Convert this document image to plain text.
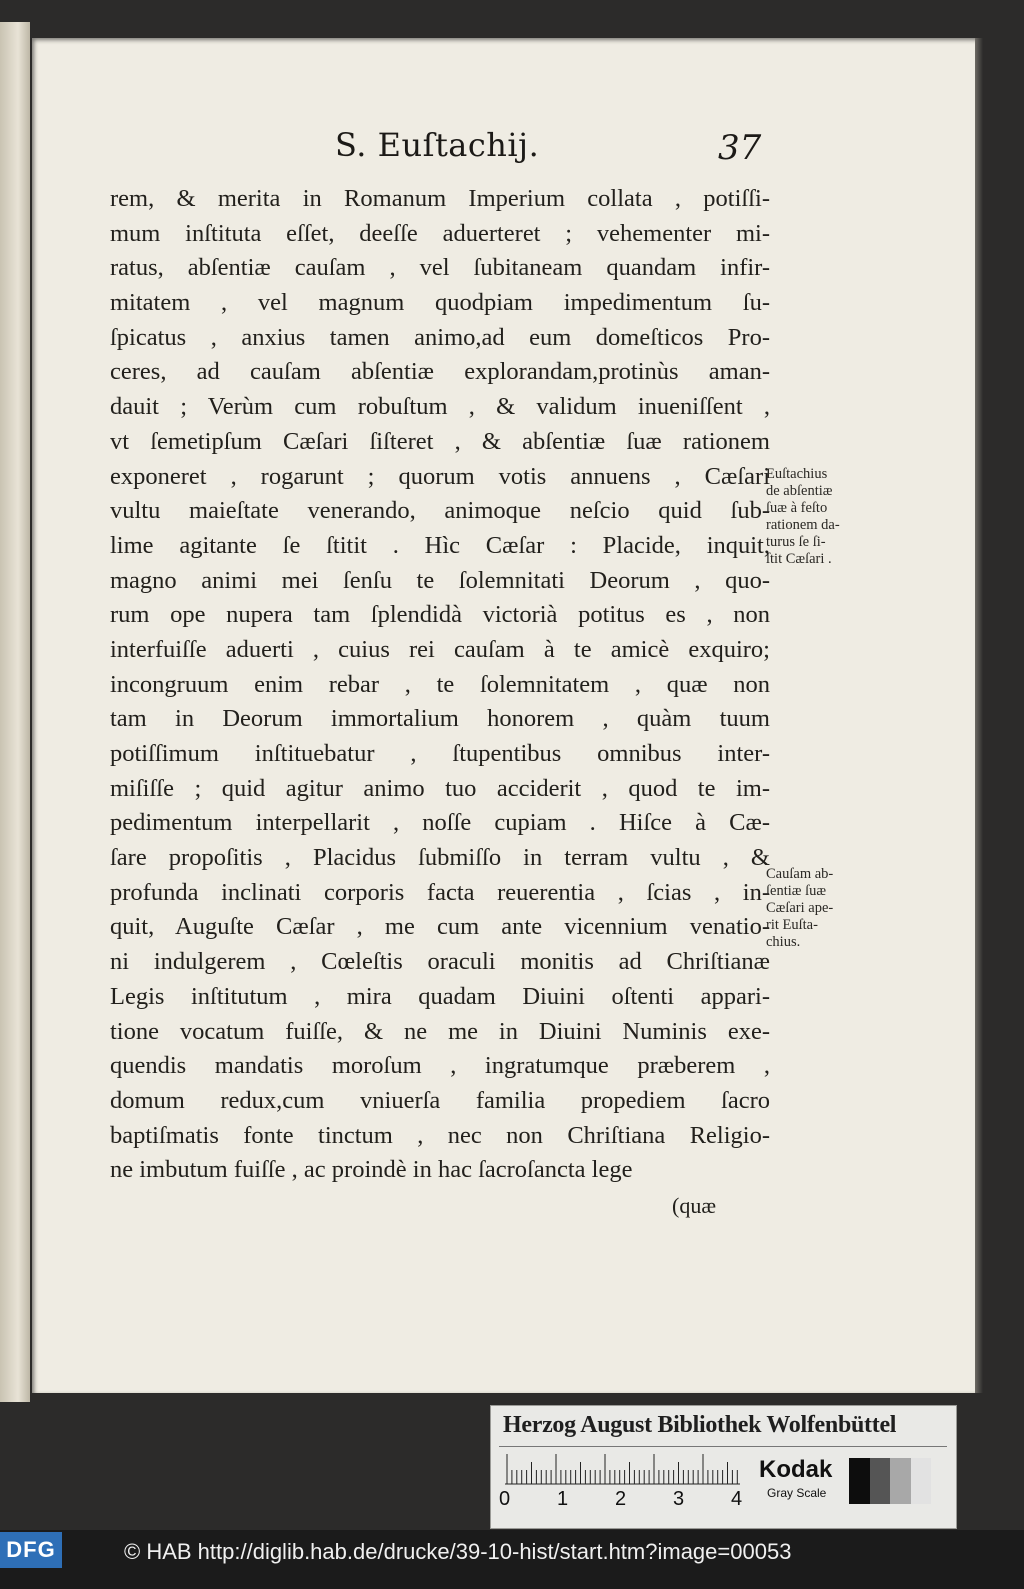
S. Euſtachij.	37
rem, & merita in Romanum Imperium collata , potiſſi-
mum inſtituta eſſet, deeſſe aduerteret ; vehementer mi-
ratus, abſentiæ cauſam , vel ſubitaneam quandam infir-
mitatem , vel magnum quodpiam impedimentum ſu-
ſpicatus , anxius tamen animo,ad eum domeſticos Pro-
ceres, ad cauſam abſentiæ explorandam,protinùs aman-
dauit ; Verùm cum robuſtum , & validum inueniſſent ,
vt ſemetipſum Cæſari ſiſteret , & abſentiæ ſuæ rationem
exponeret , rogarunt ; quorum votis annuens , Cæſari
vultu maieſtate venerando, animoque neſcio quid ſub-
lime agitante ſe ſtitit . Hìc Cæſar : Placide, inquit,
magno animi mei ſenſu te ſolemnitati Deorum , quo-
rum ope nupera tam ſplendidà victorià potitus es , non
interfuiſſe aduerti , cuius rei cauſam à te amicè exquiro;
incongruum enim rebar , te ſolemnitatem , quæ non
tam in Deorum immortalium honorem , quàm tuum
potiſſimum inſtituebatur , ſtupentibus omnibus inter-
miſiſſe ; quid agitur animo tuo acciderit , quod te im-
pedimentum interpellarit , noſſe cupiam . Hiſce à Cæ-
ſare propoſitis , Placidus ſubmiſſo in terram vultu , &
profunda inclinati corporis facta reuerentia , ſcias , in-
quit, Auguſte Cæſar , me cum ante vicennium venatio-
ni indulgerem , Cœleſtis oraculi monitis ad Chriſtianæ
Legis inſtitutum , mira quadam Diuini oſtenti appari-
tione vocatum fuiſſe, & ne me in Diuini Numinis exe-
quendis mandatis moroſum , ingratumque præberem ,
domum redux,cum vniuerſa familia propediem ſacro
baptiſmatis fonte tinctum , nec non Chriſtiana Religio-
ne imbutum fuiſſe , ac proindè in hac ſacroſancta lege
Euſtachius
de abſentiæ
ſuæ à feſto
rationem da-
turus ſe ſi-
ſtit Cæſari .
Cauſam ab-
ſentiæ ſuæ
Cæſari ape-
rit Euſta-
chius.
(quæ
Herzog August Bibliothek Wolfenbüttel
0 1 2 3 4
Kodak
Gray Scale
DFG	© HAB http://diglib.hab.de/drucke/39-10-hist/start.htm?image=00053
